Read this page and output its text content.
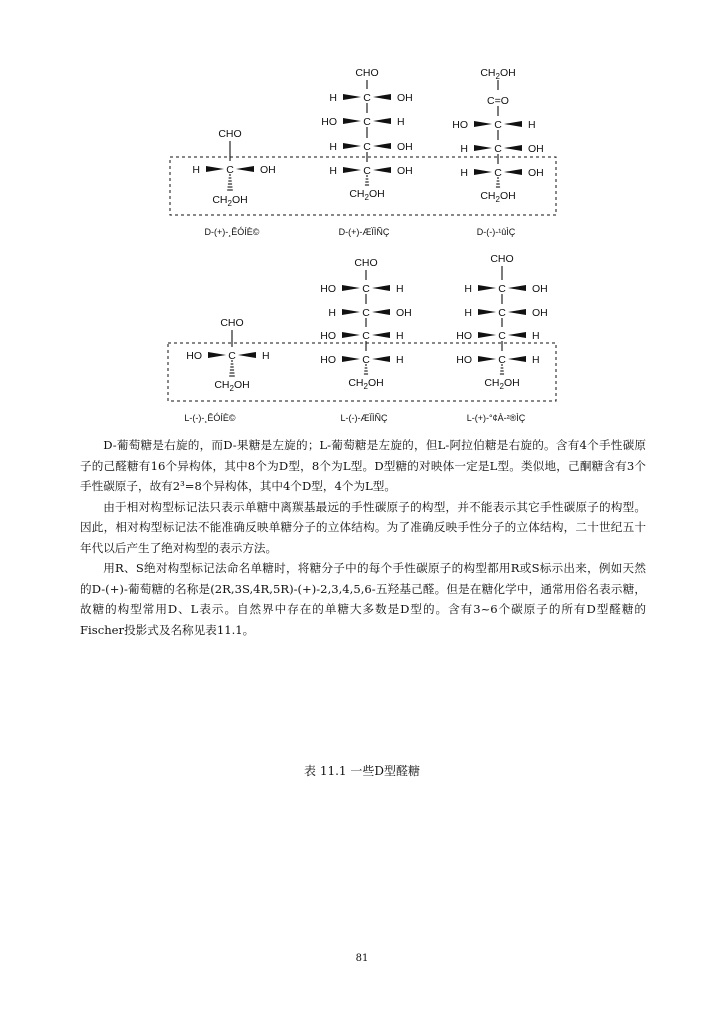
CHO
H C OH
$CH_2OH$
D-(+)-¸ÊÓÍÈ©
CHO
H C OH
HO C H
H C OH
H C OH
$CH_2OH$
D-(+)-ÆÏÌÑÇ
$CH_2OH$
C=O
HO C H
H C OH
H C OH
$CH_2OH$
D-(-)-¹ûÌÇ
CHO
HO C H
$CH_2OH$
L-(-)-¸ÊÓÍÈ©
CHO
HO C H
H C OH
HO C H
HO C H
$CH_2OH$
L-(-)-ÆÏÌÑÇ
CHO
H C OH
H C OH
HO C H
HO C H
$CH_2OH$
L-(+)-°¢À-²®ÌÇ

D-葡萄糖是右旋的，而D-果糖是左旋的；L-葡萄糖是左旋的，但L-阿拉伯糖是右旋的。含有4个手性碳原子的己醛糖有16个异构体，其中8个为D型，8个为L型。D型糖的对映体一定是L型。类似地，己酮糖含有3个手性碳原子，故有2³=8个异构体，其中4个D型，4个为L型。

由于相对构型标记法只表示单糖中离羰基最远的手性碳原子的构型，并不能表示其它手性碳原子的构型。因此，相对构型标记法不能准确反映单糖分子的立体结构。为了准确反映手性分子的立体结构，二十世纪五十年代以后产生了绝对构型的表示方法。

用R、S绝对构型标记法命名单糖时，将糖分子中的每个手性碳原子的构型都用R或S标示出来，例如天然的D-(+)-葡萄糖的名称是(2R,3S,4R,5R)-(+)-2,3,4,5,6-五羟基己醛。但是在糖化学中，通常用俗名表示糖，故糖的构型常用D、L表示。自然界中存在的单糖大多数是D型的。含有3~6个碳原子的所有D型醛糖的Fischer投影式及名称见表11.1。

表 11.1 一些D型醛糖
81
